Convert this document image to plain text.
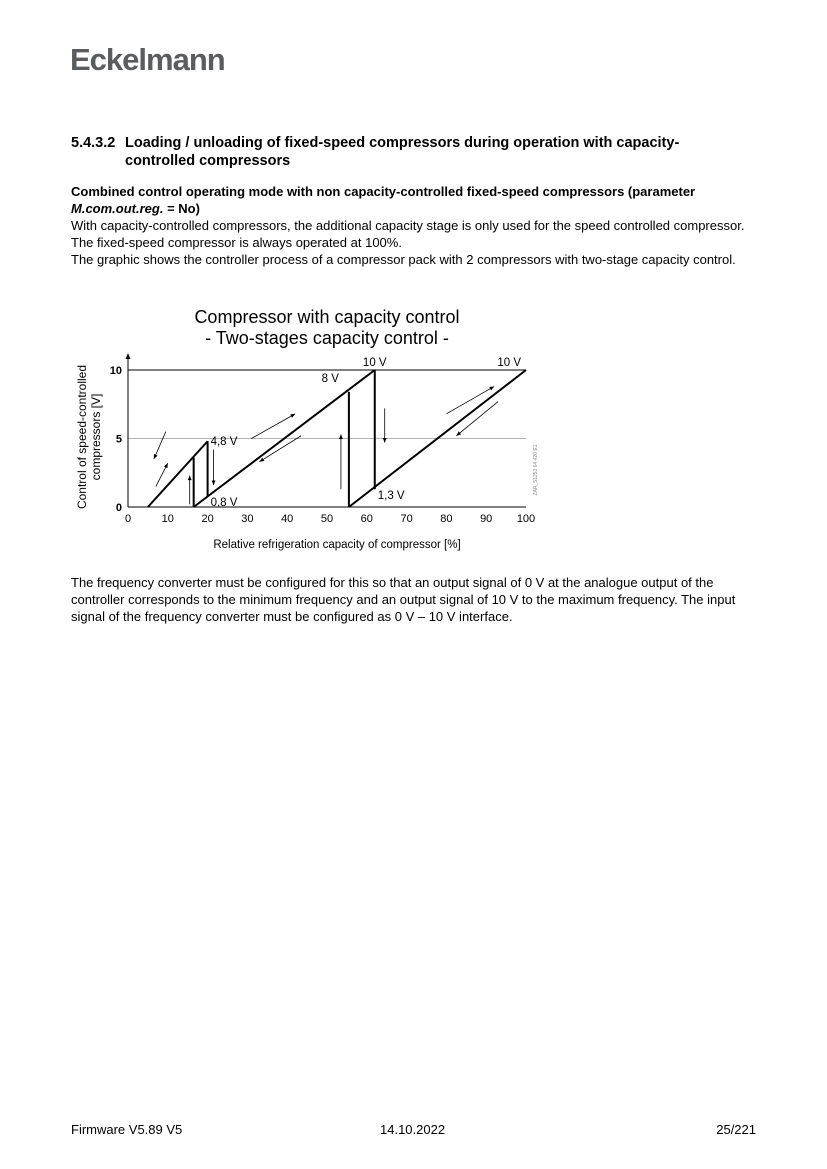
Eckelmann
5.4.3.2 Loading / unloading of fixed-speed compressors during operation with capacity-
controlled compressors
Combined control operating mode with non capacity-controlled fixed-speed compressors (parameter
M.com.out.reg. = No)
With capacity-controlled compressors, the additional capacity stage is only used for the speed controlled compressor. The fixed-speed compressor is always operated at 100%.
The graphic shows the controller process of a compressor pack with 2 compressors with two-stage capacity control.
Compressor with capacity control
- Two-stages capacity control -
Control of speed-controlled compressors [V]
Relative refrigeration capacity of compressor [%]
ZAR_51253 64 420 E1
0	10	20	30	40	50	60	70	80	90 100
0
5
10
10 V	10 V
8 V
4,8 V
0,8 V
1,3 V
The frequency converter must be configured for this so that an output signal of 0 V at the analogue output of the controller corresponds to the minimum frequency and an output signal of 10 V to the maximum frequency. The input signal of the frequency converter must be configured as 0 V – 10 V interface.
Firmware V5.89 V5	14.10.2022	25/221
